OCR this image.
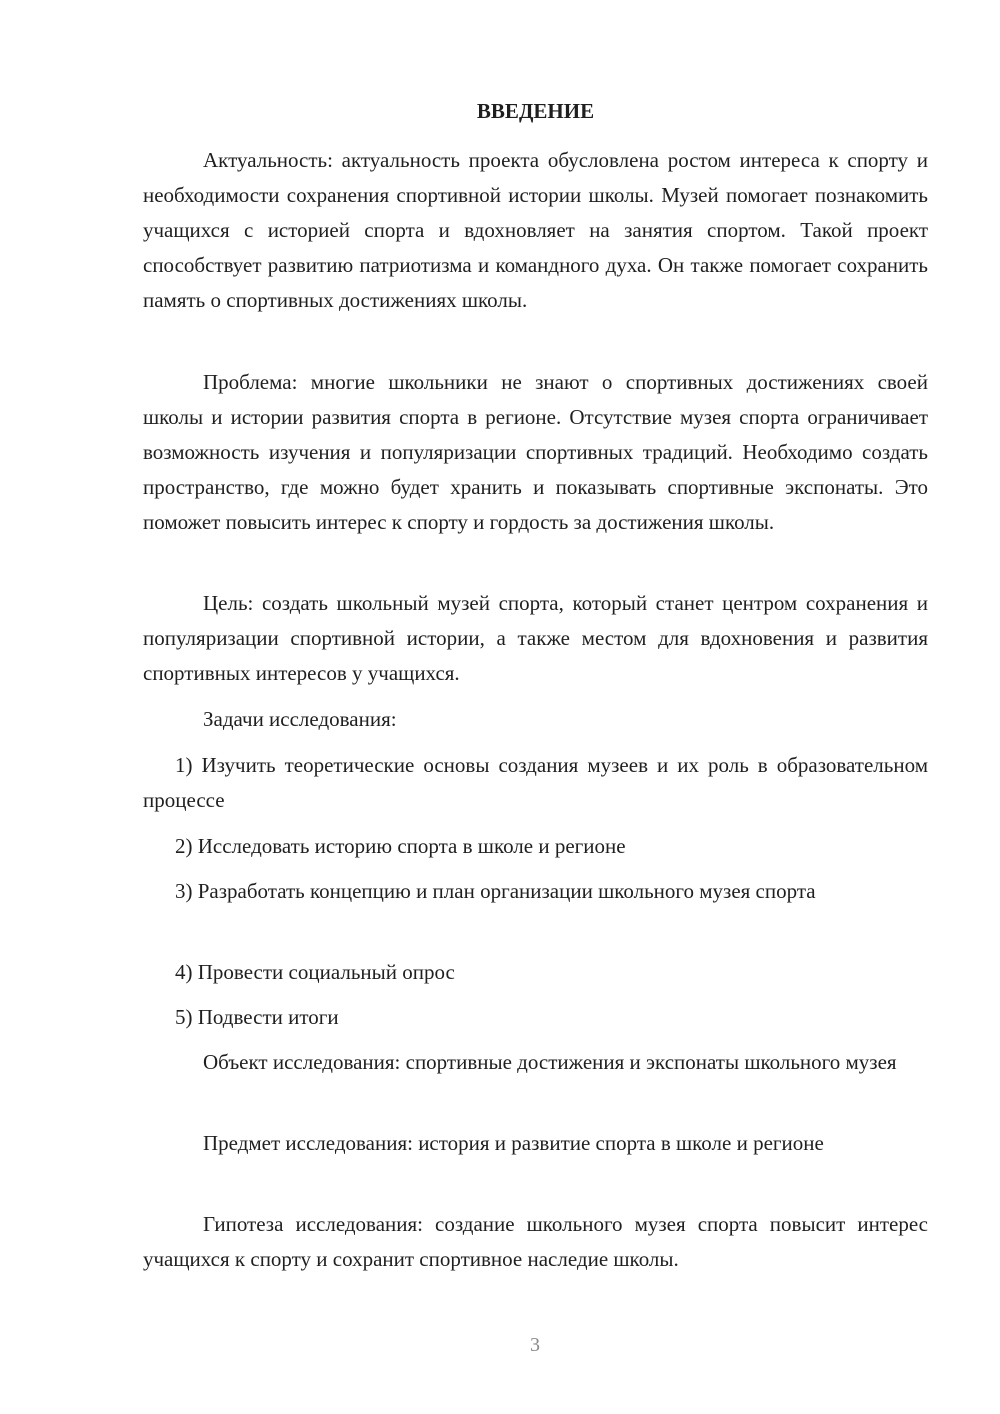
ВВЕДЕНИЕ

Актуальность: актуальность проекта обусловлена ростом интереса к спорту и необходимости сохранения спортивной истории школы. Музей помогает познакомить учащихся с историей спорта и вдохновляет на занятия спортом. Такой проект способствует развитию патриотизма и командного духа. Он также помогает сохранить память о спортивных достижениях школы.

Проблема: многие школьники не знают о спортивных достижениях своей школы и истории развития спорта в регионе. Отсутствие музея спорта ограничивает возможность изучения и популяризации спортивных традиций. Необходимо создать пространство, где можно будет хранить и показывать спортивные экспонаты. Это поможет повысить интерес к спорту и гордость за достижения школы.

Цель: создать школьный музей спорта, который станет центром сохранения и популяризации спортивной истории, а также местом для вдохновения и развития спортивных интересов у учащихся.

Задачи исследования:

1) Изучить теоретические основы создания музеев и их роль в образовательном процессе

2) Исследовать историю спорта в школе и регионе

3) Разработать концепцию и план организации школьного музея спорта

4) Провести социальный опрос

5) Подвести итоги

Объект исследования: спортивные достижения и экспонаты школьного музея

Предмет исследования: история и развитие спорта в школе и регионе

Гипотеза исследования: создание школьного музея спорта повысит интерес учащихся к спорту и сохранит спортивное наследие школы.

3
